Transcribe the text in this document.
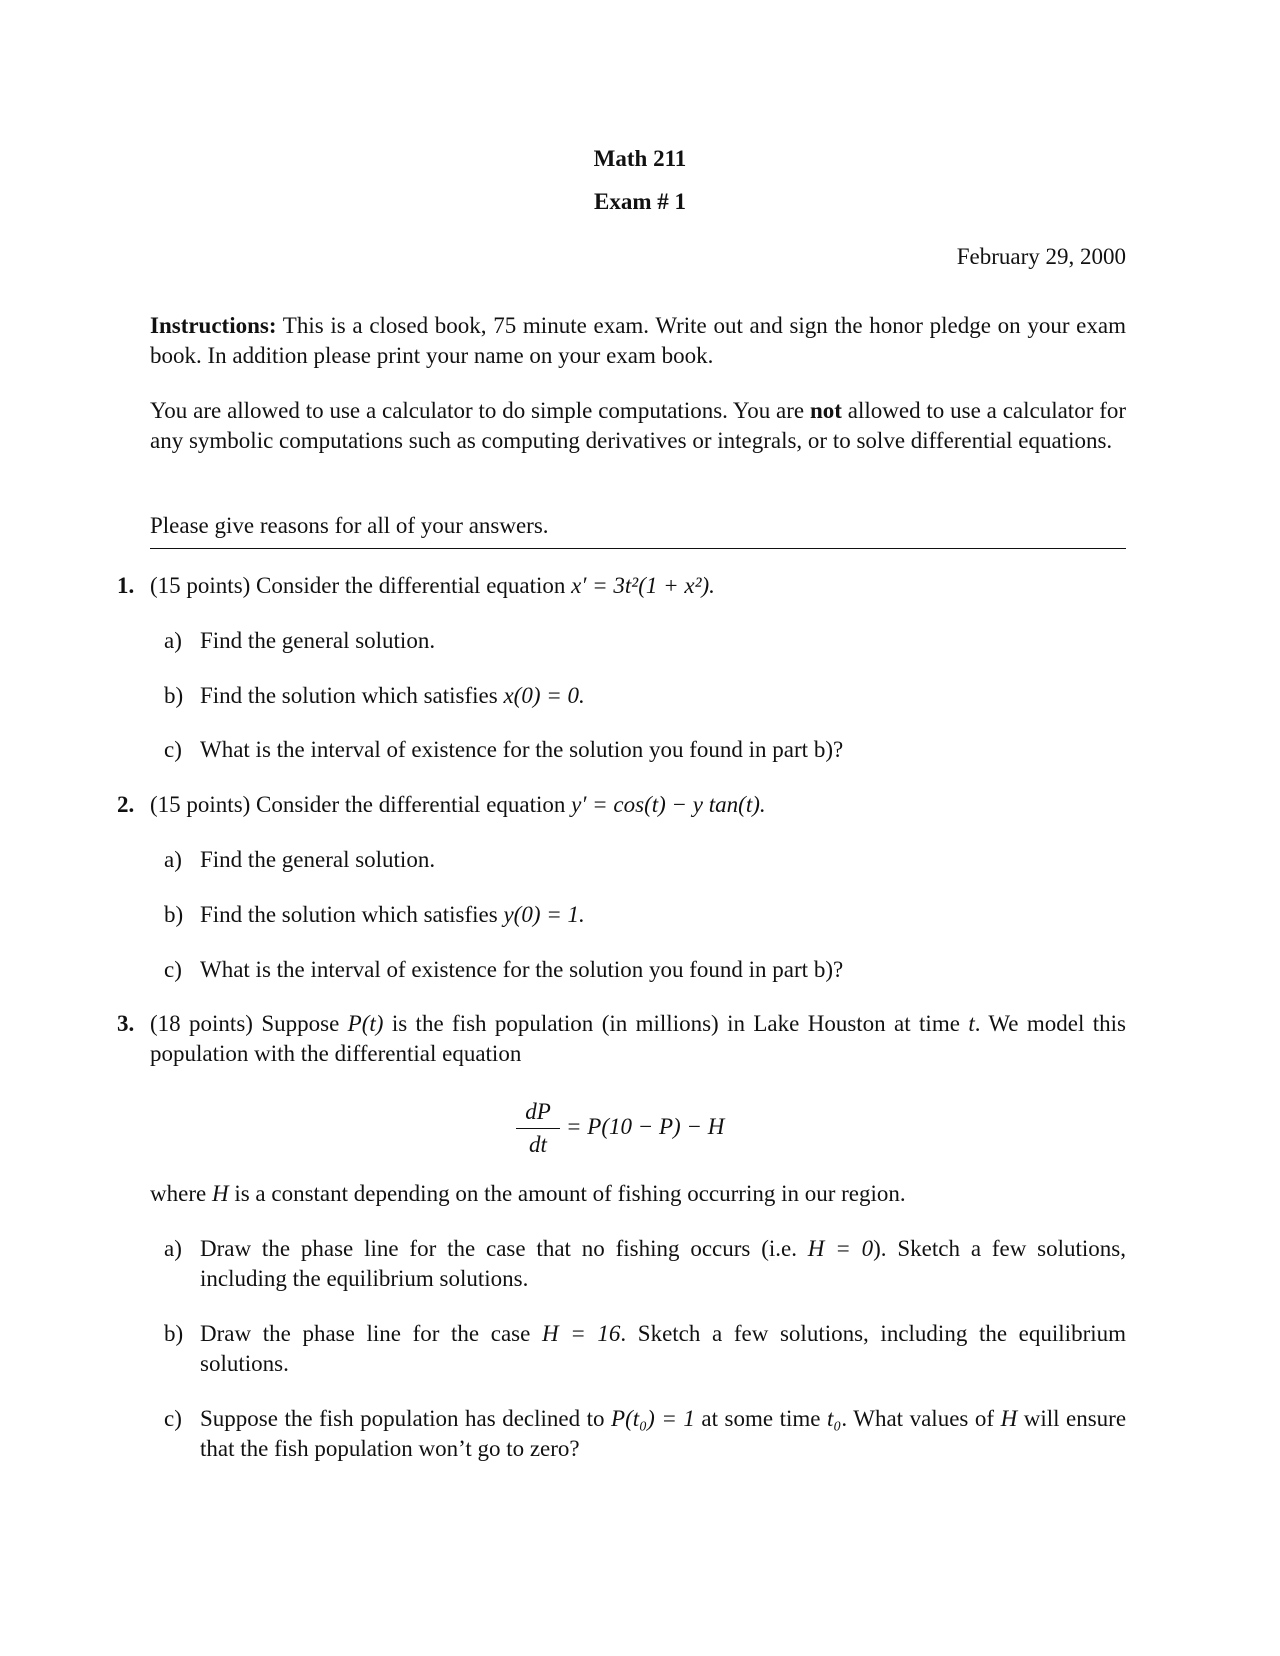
Math 211
Exam # 1
February 29, 2000
Instructions: This is a closed book, 75 minute exam. Write out and sign the honor pledge on your exam book. In addition please print your name on your exam book.
You are allowed to use a calculator to do simple computations. You are not allowed to use a calculator for any symbolic computations such as computing derivatives or integrals, or to solve differential equations.
Please give reasons for all of your answers.
1. (15 points) Consider the differential equation x′ = 3t²(1 + x²).
a) Find the general solution.
b) Find the solution which satisfies x(0) = 0.
c) What is the interval of existence for the solution you found in part b)?
2. (15 points) Consider the differential equation y′ = cos(t) − y tan(t).
a) Find the general solution.
b) Find the solution which satisfies y(0) = 1.
c) What is the interval of existence for the solution you found in part b)?
3. (18 points) Suppose P(t) is the fish population (in millions) in Lake Houston at time t. We model this population with the differential equation
$\frac{dP}{dt} = P(10 - P) - H$
where H is a constant depending on the amount of fishing occurring in our region.
a) Draw the phase line for the case that no fishing occurs (i.e. H = 0). Sketch a few solutions, including the equilibrium solutions.
b) Draw the phase line for the case H = 16. Sketch a few solutions, including the equilibrium solutions.
c) Suppose the fish population has declined to P(t₀) = 1 at some time t₀. What values of H will ensure that the fish population won’t go to zero?
